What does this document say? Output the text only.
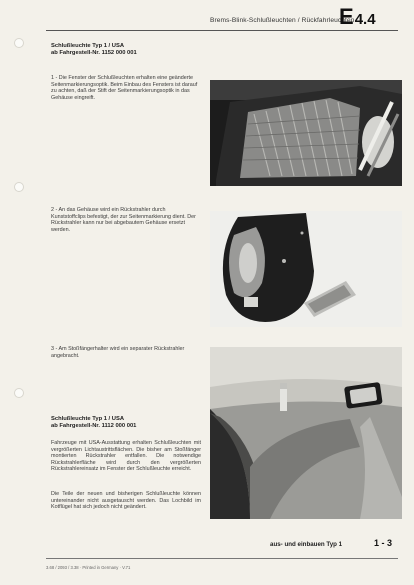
Brems-Blink-Schlußleuchten / Rückfahrleuchten
E4.4
Schlußleuchte Typ 1 / USA
ab Fahrgestell-Nr. 1152 000 001
1 - Die Fenster der Schlußleuchten erhalten eine geänderte Seitenmarkierungsoptik. Beim Einbau des Fensters ist darauf zu achten, daß der Stift der Seitenmarkierungsoptik in das Gehäuse eingreift.
2 - An das Gehäuse wird ein Rückstrahler durch Kunststoffclips befestigt, der zur Seitenmarkierung dient. Der Rückstrahler kann nur bei abgebautem Gehäuse ersetzt werden.
3 - Am Stoßfängerhalter wird ein separater Rückstrahler angebracht.
Schlußleuchte Typ 1 / USA
ab Fahrgestell-Nr. 1112 000 001
Fahrzeuge mit USA-Ausstattung erhalten Schlußleuchten mit vergrößerten Lichtaustrittsflächen. Die bisher am Stoßfänger montierten Rückstrahler entfallen. Die notwendige Rückstrahlerfläche wird durch den vergrößerten Rückstrahlereinsatz im Fenster der Schlußleuchte erreicht.
Die Teile der neuen und bisherigen Schlußleuchte können untereinander nicht ausgetauscht werden. Das Lochbild im Kotflügel hat sich jedoch nicht geändert.
aus- und einbauen Typ 1	1 - 3
3.68 / 2093 / 3.38 · Printed in Germany · V.71
